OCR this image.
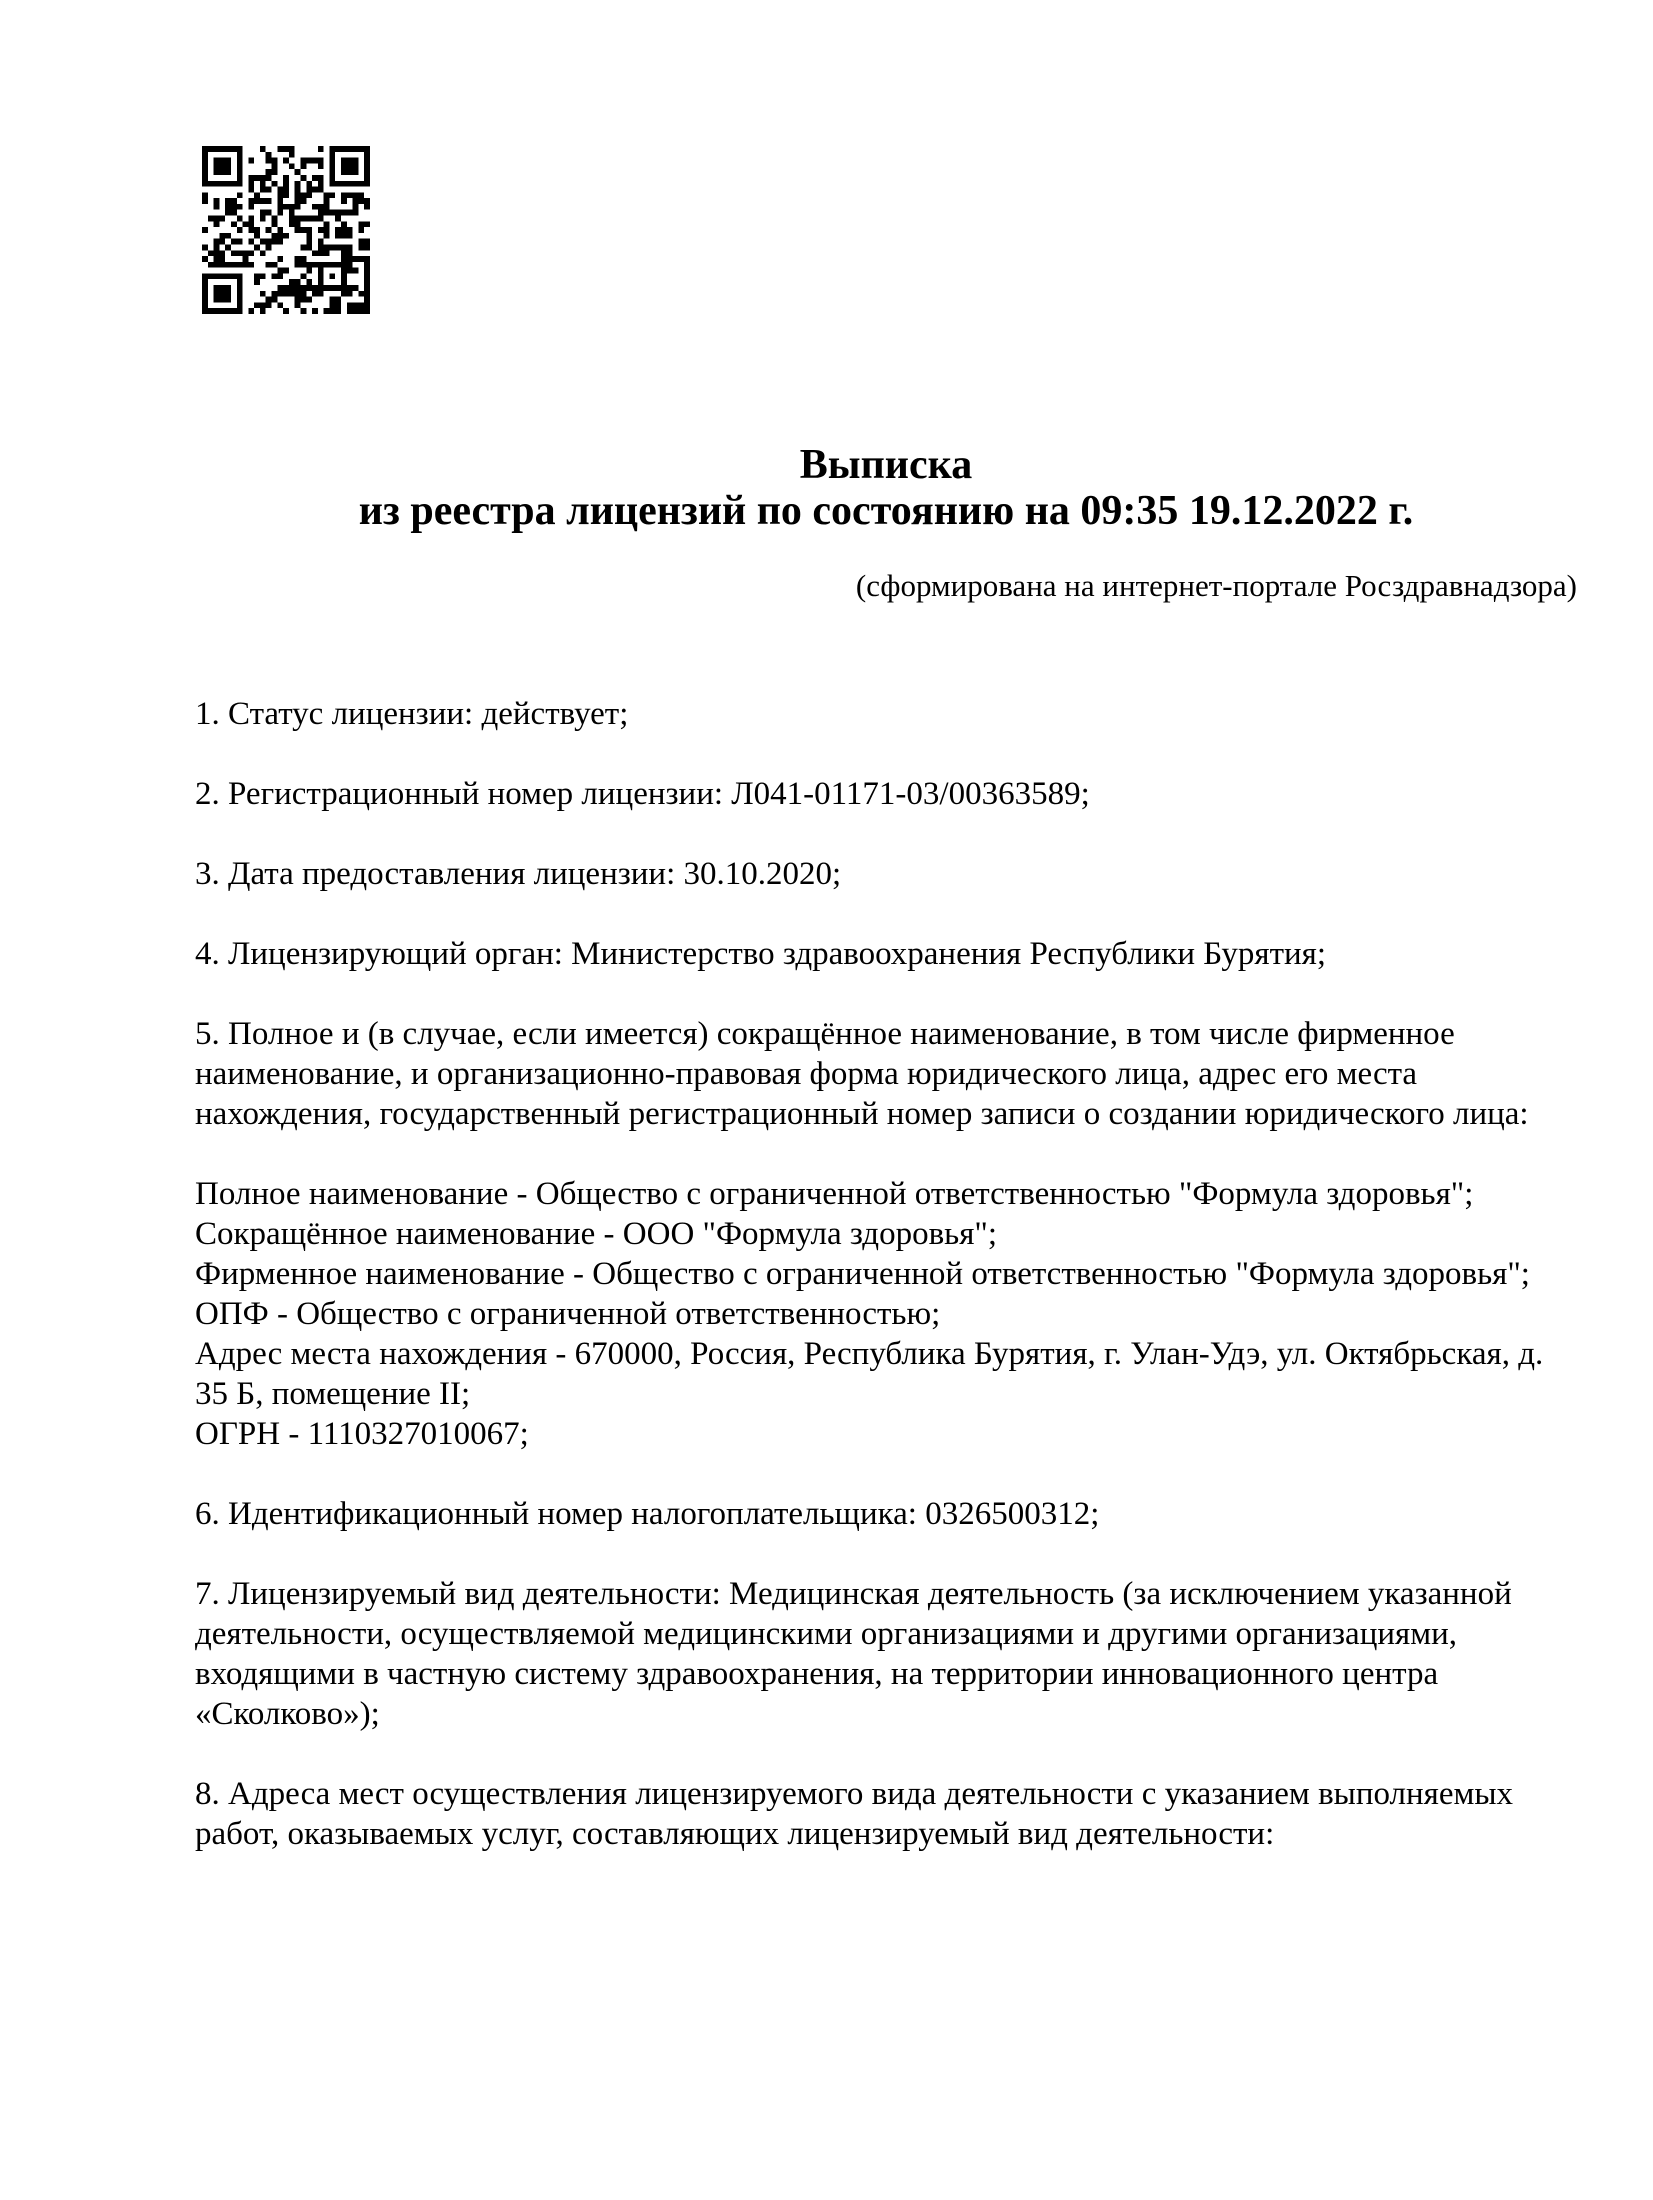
Выписка
из реестра лицензий по состоянию на 09:35 19.12.2022 г.
(сформирована на интернет-портале Росздравнадзора)

1. Статус лицензии: действует;

2. Регистрационный номер лицензии: Л041-01171-03/00363589;

3. Дата предоставления лицензии: 30.10.2020;

4. Лицензирующий орган: Министерство здравоохранения Республики Бурятия;

5. Полное и (в случае, если имеется) сокращённое наименование, в том числе фирменное наименование, и организационно-правовая форма юридического лица, адрес его места нахождения, государственный регистрационный номер записи о создании юридического лица:

Полное наименование - Общество с ограниченной ответственностью "Формула здоровья";
Сокращённое наименование - ООО "Формула здоровья";
Фирменное наименование - Общество с ограниченной ответственностью "Формула здоровья";
ОПФ - Общество с ограниченной ответственностью;
Адрес места нахождения - 670000, Россия, Республика Бурятия, г. Улан-Удэ, ул. Октябрьская, д. 35 Б, помещение II;
ОГРН - 1110327010067;

6. Идентификационный номер налогоплательщика: 0326500312;

7. Лицензируемый вид деятельности: Медицинская деятельность (за исключением указанной деятельности, осуществляемой медицинскими организациями и другими организациями, входящими в частную систему здравоохранения, на территории инновационного центра «Сколково»);

8. Адреса мест осуществления лицензируемого вида деятельности с указанием выполняемых работ, оказываемых услуг, составляющих лицензируемый вид деятельности:
